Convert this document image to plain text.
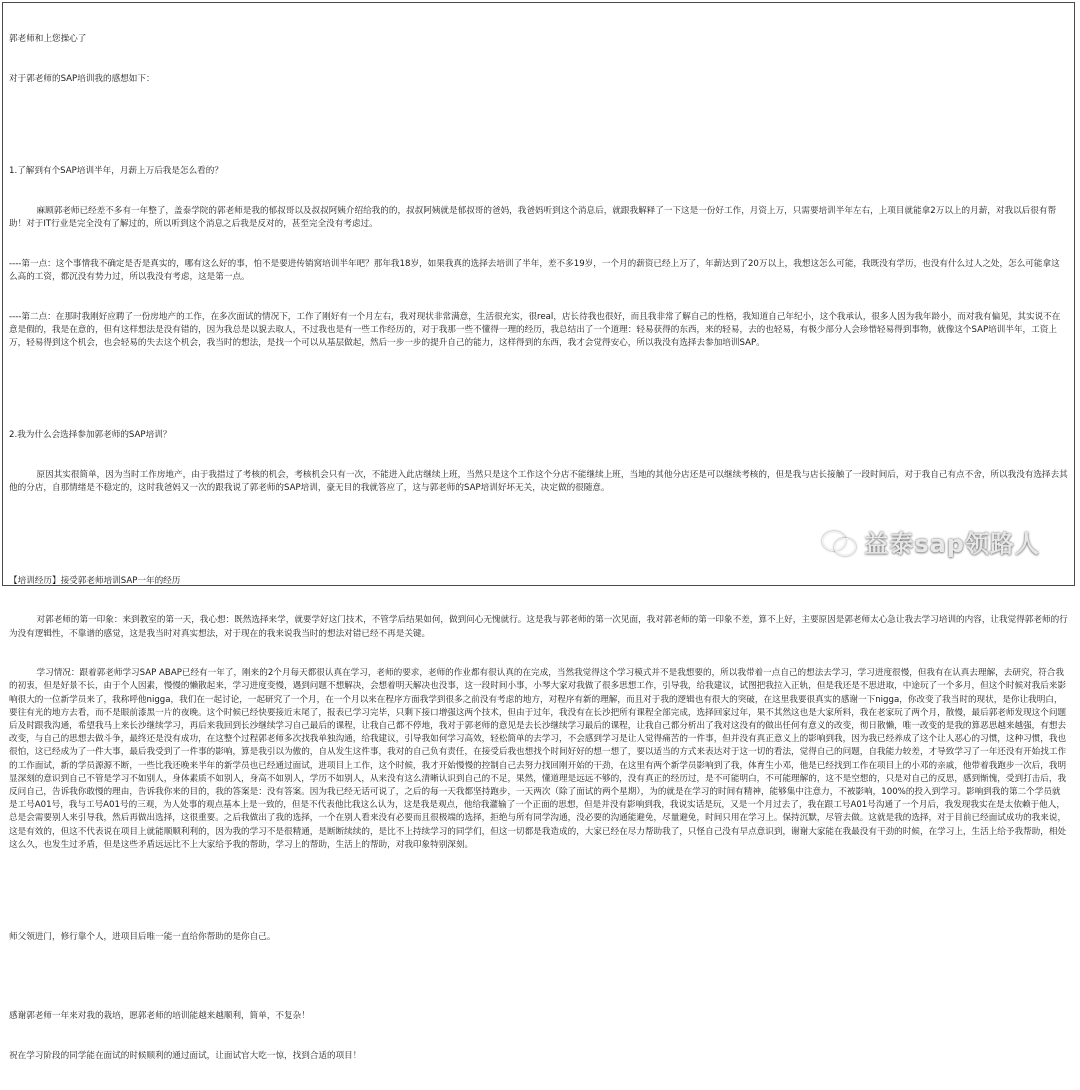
郭老师和上您操心了

对于郭老师的SAP培训我的感想如下：

1.了解到有个SAP培训半年，月薪上万后我是怎么看的？

麻顾郭老师已经差不多有一年整了，盖泰学院的郭老师是我的郁叔哥以及叔叔阿姨介绍给我的的，叔叔阿姨就是郁叔哥的爸妈，我爸妈听到这个消息后，就跟我解释了一下这是一份好工作，月资上万，只需要培训半年左右，上项目就能拿2万以上的月薪，对我以后很有帮助！对于IT行业是完全没有了解过的，所以听到这个消息之后我是反对的，甚至完全没有考虑过。

----第一点：这个事情我不确定是否是真实的，哪有这么好的事，怕不是要进传销窝培训半年吧？那年我18岁，如果我真的选择去培训了半年，差不多19岁，一个月的薪资已经上万了，年薪达到了20万以上，我想这怎么可能，我既没有学历，也没有什么过人之处，怎么可能拿这么高的工资，都沉没有势力过，所以我没有考虑，这是第一点。

----第二点：在那时我刚好应聘了一份房地产的工作，在多次面试的情况下，工作了刚好有一个月左右，我对现状非常满意，生活很充实，很real，店长待我也很好，而且我非常了解自己的性格，我知道自己年纪小，这个我承认，很多人因为我年龄小，而对我有偏见，其实说不在意是假的，我是在意的，但有这样想法是没有错的，因为我总是以貌去取人，不过我也是有一些工作经历的，对于我那一些不懂得一理的经历，我总结出了一个道理：轻易获得的东西，来的轻易，去的也轻易，有极少部分人会珍惜轻易得到事物，就像这个SAP培训半年，工资上万，轻易得到这个机会，也会轻易的失去这个机会，我当时的想法，是找一个可以从基层做起，然后一步一步的提升自己的能力，这样得到的东西，我才会觉得安心，所以我没有选择去参加培训SAP。

2.我为什么会选择参加郭老师的SAP培训？

原因其实很简单，因为当时工作房地产，由于我措过了考核的机会，考核机会只有一次，不能进入此店继续上班，当然只是这个工作这个分店不能继续上班，当地的其他分店还是可以继续考核的，但是我与店长接触了一段时间后，对于我自己有点不舍，所以我没有选择去其他的分店，自那情绪是不稳定的，这时我爸妈又一次的跟我说了郭老师的SAP培训，豪无目的我就答应了，这与郭老师的SAP培训好坏无关，决定做的很随意。

【培训经历】接受郭老师培训SAP一年的经历

对郭老师的第一印象：来到教室的第一天，我心想：既然选择来学，就要学好这门技术，不管学后结果如何，做到问心无愧就行。这是我与郭老师的第一次见面，我对郭老师的第一印象不差，算不上好，主要原因是郭老师太心急让我去学习培训的内容，让我觉得郭老师的行为没有逻辑性，不靠谱的感觉，这是我当时对真实想法，对于现在的我来说我当时的想法对错已经不再是关键。

学习情况：跟着郭老师学习SAP ABAP已经有一年了，刚来的2个月每天都很认真在学习，老师的要求，老师的作业都有很认真的在完成，当然我觉得这个学习模式并不是我想要的，所以我带着一点自己的想法去学习，学习进度很慢，但我有在认真去理解，去研究，符合我的初衷，但是好景不长，由于个人因素，慢慢的懒散起来，学习进度变慢，遇到问题不想解决，会想着明天解决也没事，这一段时间小事，小琴大家对我做了很多思想工作，引导我，给我建议，试图把我拉入正轨，但是我还是不思进取，中途玩了一个多月，但这个时候对我后来影响很大的一位新学员来了，我称呼他nigga，我们在一起讨论，一起研究了一个月，在一个月以来在程序方面我学到很多之前没有考虑的地方，对程序有新的理解，而且对于我的逻辑也有很大的突破，在这里我要很真实的感谢一下nigga，你改变了我当时的现状，是你让我明白，要往有光的地方去看，而不是眼前漆黑一片的夜晚。这个时候已经快要接近末尾了，报表已学习完毕，只剩下接口增强这两个技术，但由于过年，我没有在长沙把所有课程全部完成，选择回家过年，果不其然这也是大家所料，我在老家玩了两个月，散慢，最后郭老师发现这个问题后及时跟我沟通，希望我马上来长沙继续学习，再后来我回到长沙继续学习自己最后的课程，让我自己都不停地，我对于郭老师的意见是去长沙继续学习最后的课程，让我自己都分析出了我对这没有的做出任何有意义的改变，彻日散懒，唯一改变的是我的算恶思越来越强，有想去改变，与自己的思想去做斗争，最终还是没有成功，在这整个过程郭老师多次找我单独沟通，给我建议，引导我如何学习高效，轻松简单的去学习，不会感到学习是让人觉得痛苦的一件事，但并没有真正意义上的影响到我，因为我已经养成了这个让人恶心的习惯，这种习惯，我也很怕，这已经成为了一件大事，最后我受到了一件事的影响，算是我引以为傲的，自从发生这件事，我对的自己负有责任，在接受后我也想找个时间好好的想一想了，要以适当的方式来表达对于这一切的看法，觉得自己的问题，自我能力较差，才导致学习了一年还没有开始找工作的工作面试，新的学员源源不断，一些比我还晚来半年的新学员也已经通过面试，进项目上工作，这个时候，我才开始慢慢的控制自己去努力找回刚开始的干劲，在这里有两个新学员影响到了我，体育生小邓，他是已经找到工作在项目上的小邓的亲戚，他带着我跑步一次后，我明显深刻的意识到自己不管是学习不如别人，身体素质不如别人，身高不如别人，学历不如别人，从来没有这么清晰认识到自己的不足，果然，懂道理是远远不够的，没有真正的经历过，是不可能明白，不可能理解的，这不是空想的，只是对自己的反思，感到惭愧，受到打击后，我反问自己，告诉我你敢慢的理由，告诉我你来的目的，我的答案是：没有答案。因为我已经无话可说了，之后的每一天我都坚持跑步，一天两次（除了面试的两个星期），为的就是在学习的时间有精神，能够集中注意力，不被影响，100%的投入到学习。影响到我的第二个学员就是工号A01号，我与工号A01号的三观，为人处事的观点基本上是一致的，但是不代表他比我这么认为，这是我是观点，他给我灌输了一个正面的思想，但是并没有影响到我，我说实话是玩，又是一个月过去了，我在跟工号A01号沟通了一个月后，我发现我实在是太依赖于他人，总是会需要别人来引导我，然后再做出选择，这很重要。之后我做出了我的选择，一个在别人看来没有必要而且很极端的选择，拒绝与所有同学沟通，没必要的沟通能避免，尽量避免，时间只用在学习上。保持沉默，尽管去做。这就是我的选择，对于目前已经面试成功的我来说，这是有效的，但这不代表说在项目上就能顺顺利利的，因为我的学习不是很精通，是断断续续的，是比不上持续学习的同学们，但这一切都是我造成的，大家已经在尽力帮助我了，只怪自己没有早点意识到，谢谢大家能在我最没有干劲的时候，在学习上，生活上给予我帮助，相处这么久，也发生过矛盾，但是这些矛盾远远比不上大家给予我的帮助，学习上的帮助，生活上的帮助，对我印象特别深刻。

师父领进门，修行靠个人，进项目后唯一能一直给你帮助的是你自己。

感谢郭老师一年来对我的栽培，愿郭老师的培训能越来越顺利，简单，不复杂！

祝在学习阶段的同学能在面试的时候顺利的通过面试，让面试官大吃一惊，找到合适的项目！

益泰sap领路人
